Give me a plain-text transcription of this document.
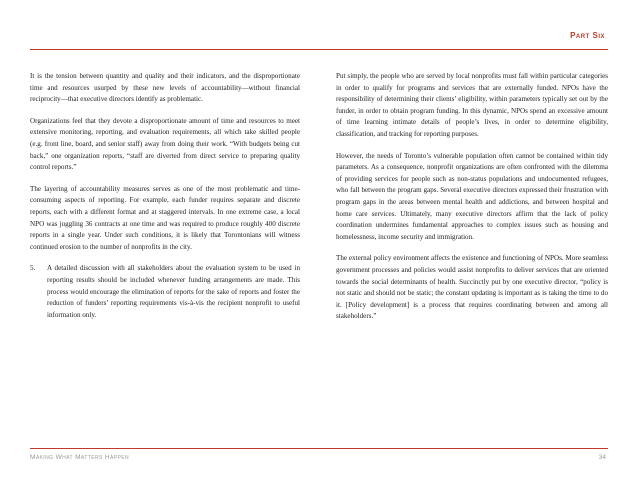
Part Six

It is the tension between quantity and quality and their indicators, and the disproportionate time and resources usurped by these new levels of accountability—without financial reciprocity—that executive directors identify as problematic.

Organizations feel that they devote a disproportionate amount of time and resources to meet extensive monitoring, reporting, and evaluation requirements, all which take skilled people (e.g. front line, board, and senior staff) away from doing their work. “With budgets being cut back,” one organization reports, “staff are diverted from direct service to preparing quality control reports.”

The layering of accountability measures serves as one of the most problematic and time-consuming aspects of reporting. For example, each funder requires separate and discrete reports, each with a different format and at staggered intervals. In one extreme case, a local NPO was juggling 36 contracts at one time and was required to produce roughly 400 discrete reports in a single year. Under such conditions, it is likely that Torontonians will witness continued erosion to the number of nonprofits in the city.

5.	A detailed discussion with all stakeholders about the evaluation system to be used in reporting results should be included whenever funding arrangements are made. This process would encourage the elimination of reports for the sake of reports and foster the reduction of funders’ reporting requirements vis-à-vis the recipient nonprofit to useful information only.

Put simply, the people who are served by local nonprofits must fall within particular categories in order to qualify for programs and services that are externally funded. NPOs have the responsibility of determining their clients’ eligibility, within parameters typically set out by the funder, in order to obtain program funding. In this dynamic, NPOs spend an excessive amount of time learning intimate details of people’s lives, in order to determine eligibility, classification, and tracking for reporting purposes.

However, the needs of Toronto’s vulnerable population often cannot be contained within tidy parameters. As a consequence, nonprofit organizations are often confronted with the dilemma of providing services for people such as non-status populations and undocumented refugees, who fall between the program gaps. Several executive directors expressed their frustration with program gaps in the areas between mental health and addictions, and between hospital and home care services. Ultimately, many executive directors affirm that the lack of policy coordination undermines fundamental approaches to complex issues such as housing and homelessness, income security and immigration.

The external policy environment affects the existence and functioning of NPOs. More seamless government processes and policies would assist nonprofits to deliver services that are oriented towards the social determinants of health. Succinctly put by one executive director, “policy is not static and should not be static; the constant updating is important as is taking the time to do it. [Policy development] is a process that requires coordinating between and among all stakeholders.”

Making What Matters Happen	34
